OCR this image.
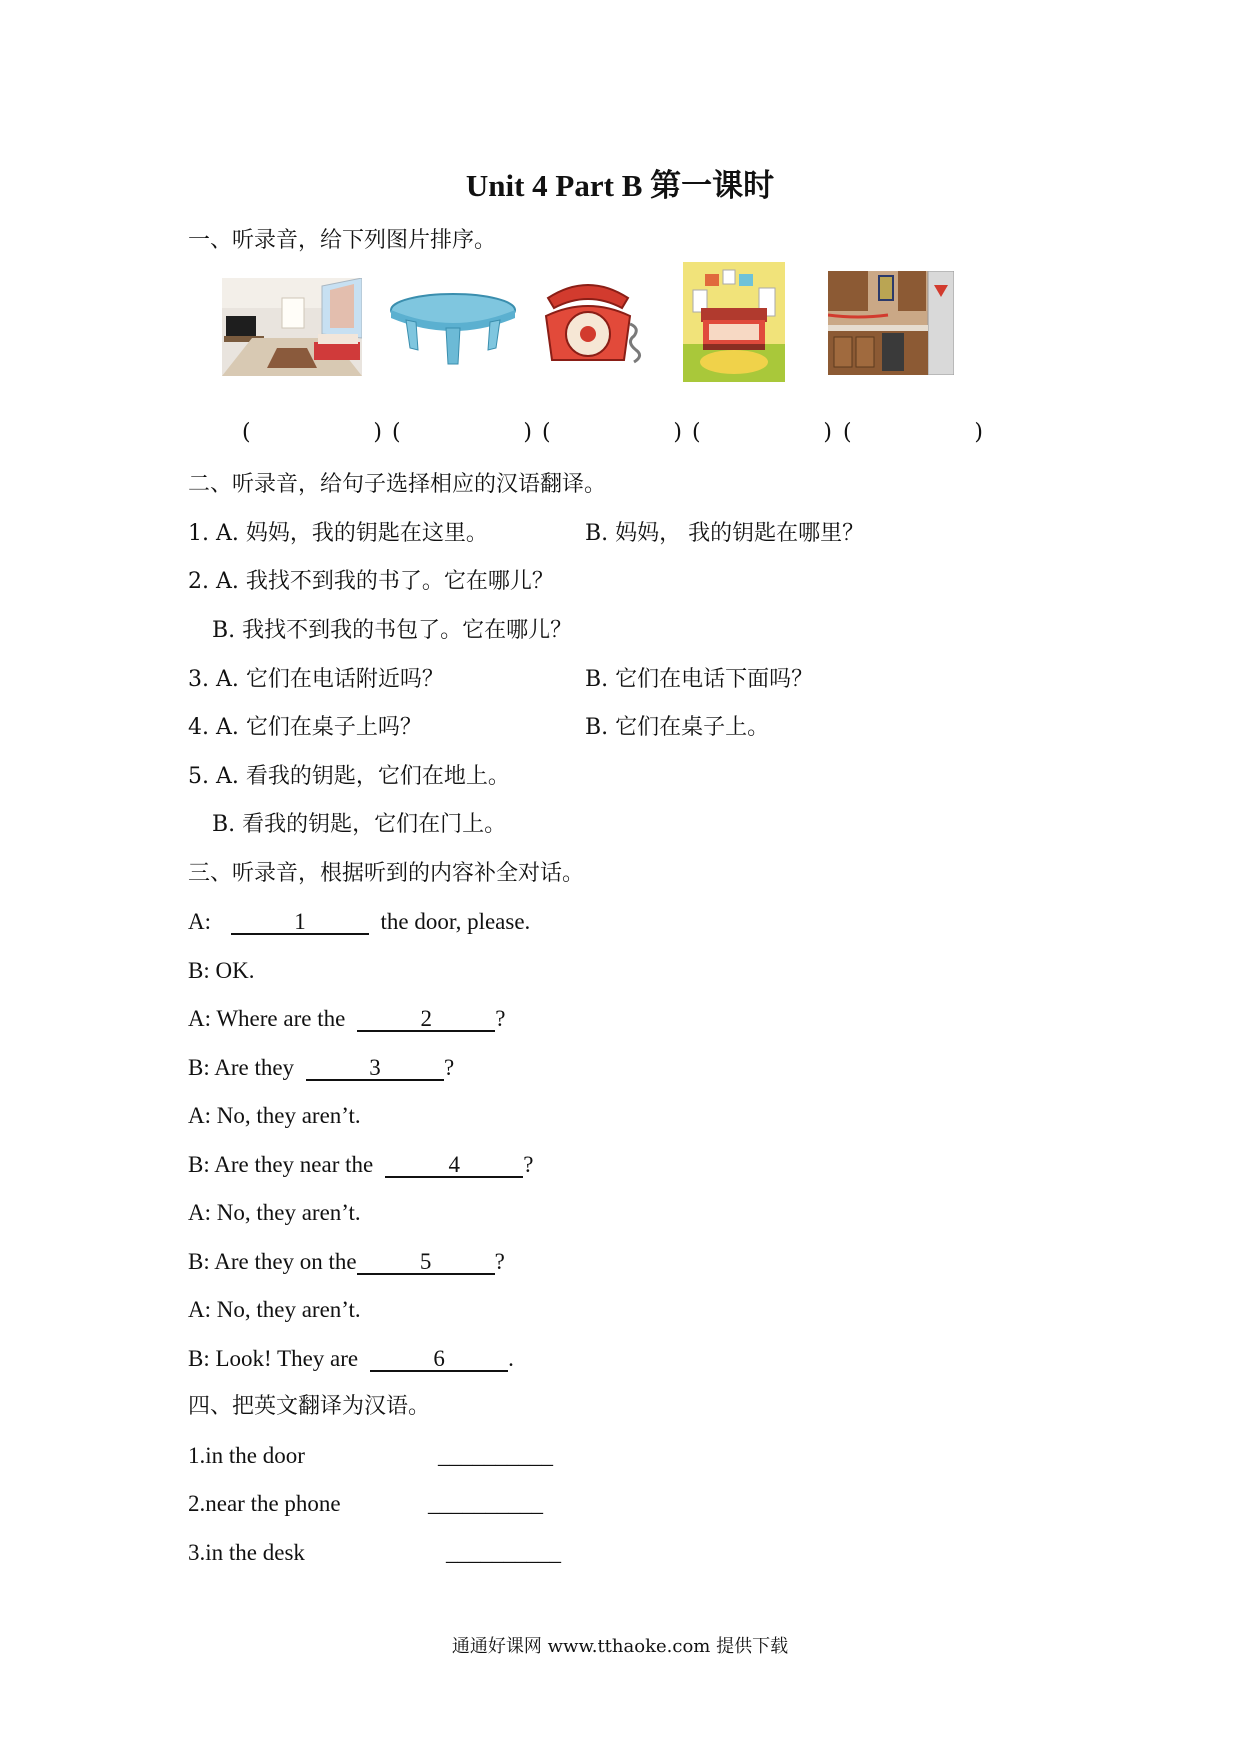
Unit 4 Part B 第一课时
一、听录音，给下列图片排序。
(	) (	) (	) (	) (	)
二、听录音，给句子选择相应的汉语翻译。
1. A. 妈妈，我的钥匙在这里。	B. 妈妈， 我的钥匙在哪里？
2. A. 我找不到我的书了。它在哪儿？
B. 我找不到我的书包了。它在哪儿？
3. A. 它们在电话附近吗？	B. 它们在电话下面吗？
4. A. 它们在桌子上吗？	B. 它们在桌子上。
5. A. 看我的钥匙，它们在地上。
B. 看我的钥匙，它们在门上。
三、听录音，根据听到的内容补全对话。
A:	1	the door, please.
B: OK.
A: Where are the	2	?
B: Are they	3	?
A: No, they aren’t.
B: Are they near the	4	?
A: No, they aren’t.
B: Are they on the	5	?
A: No, they aren’t.
B: Look! They are	6	.
四、把英文翻译为汉语。
1.in the door	__________
2.near the phone	__________
3.in the desk	__________
通通好课网 www.tthaoke.com 提供下载
